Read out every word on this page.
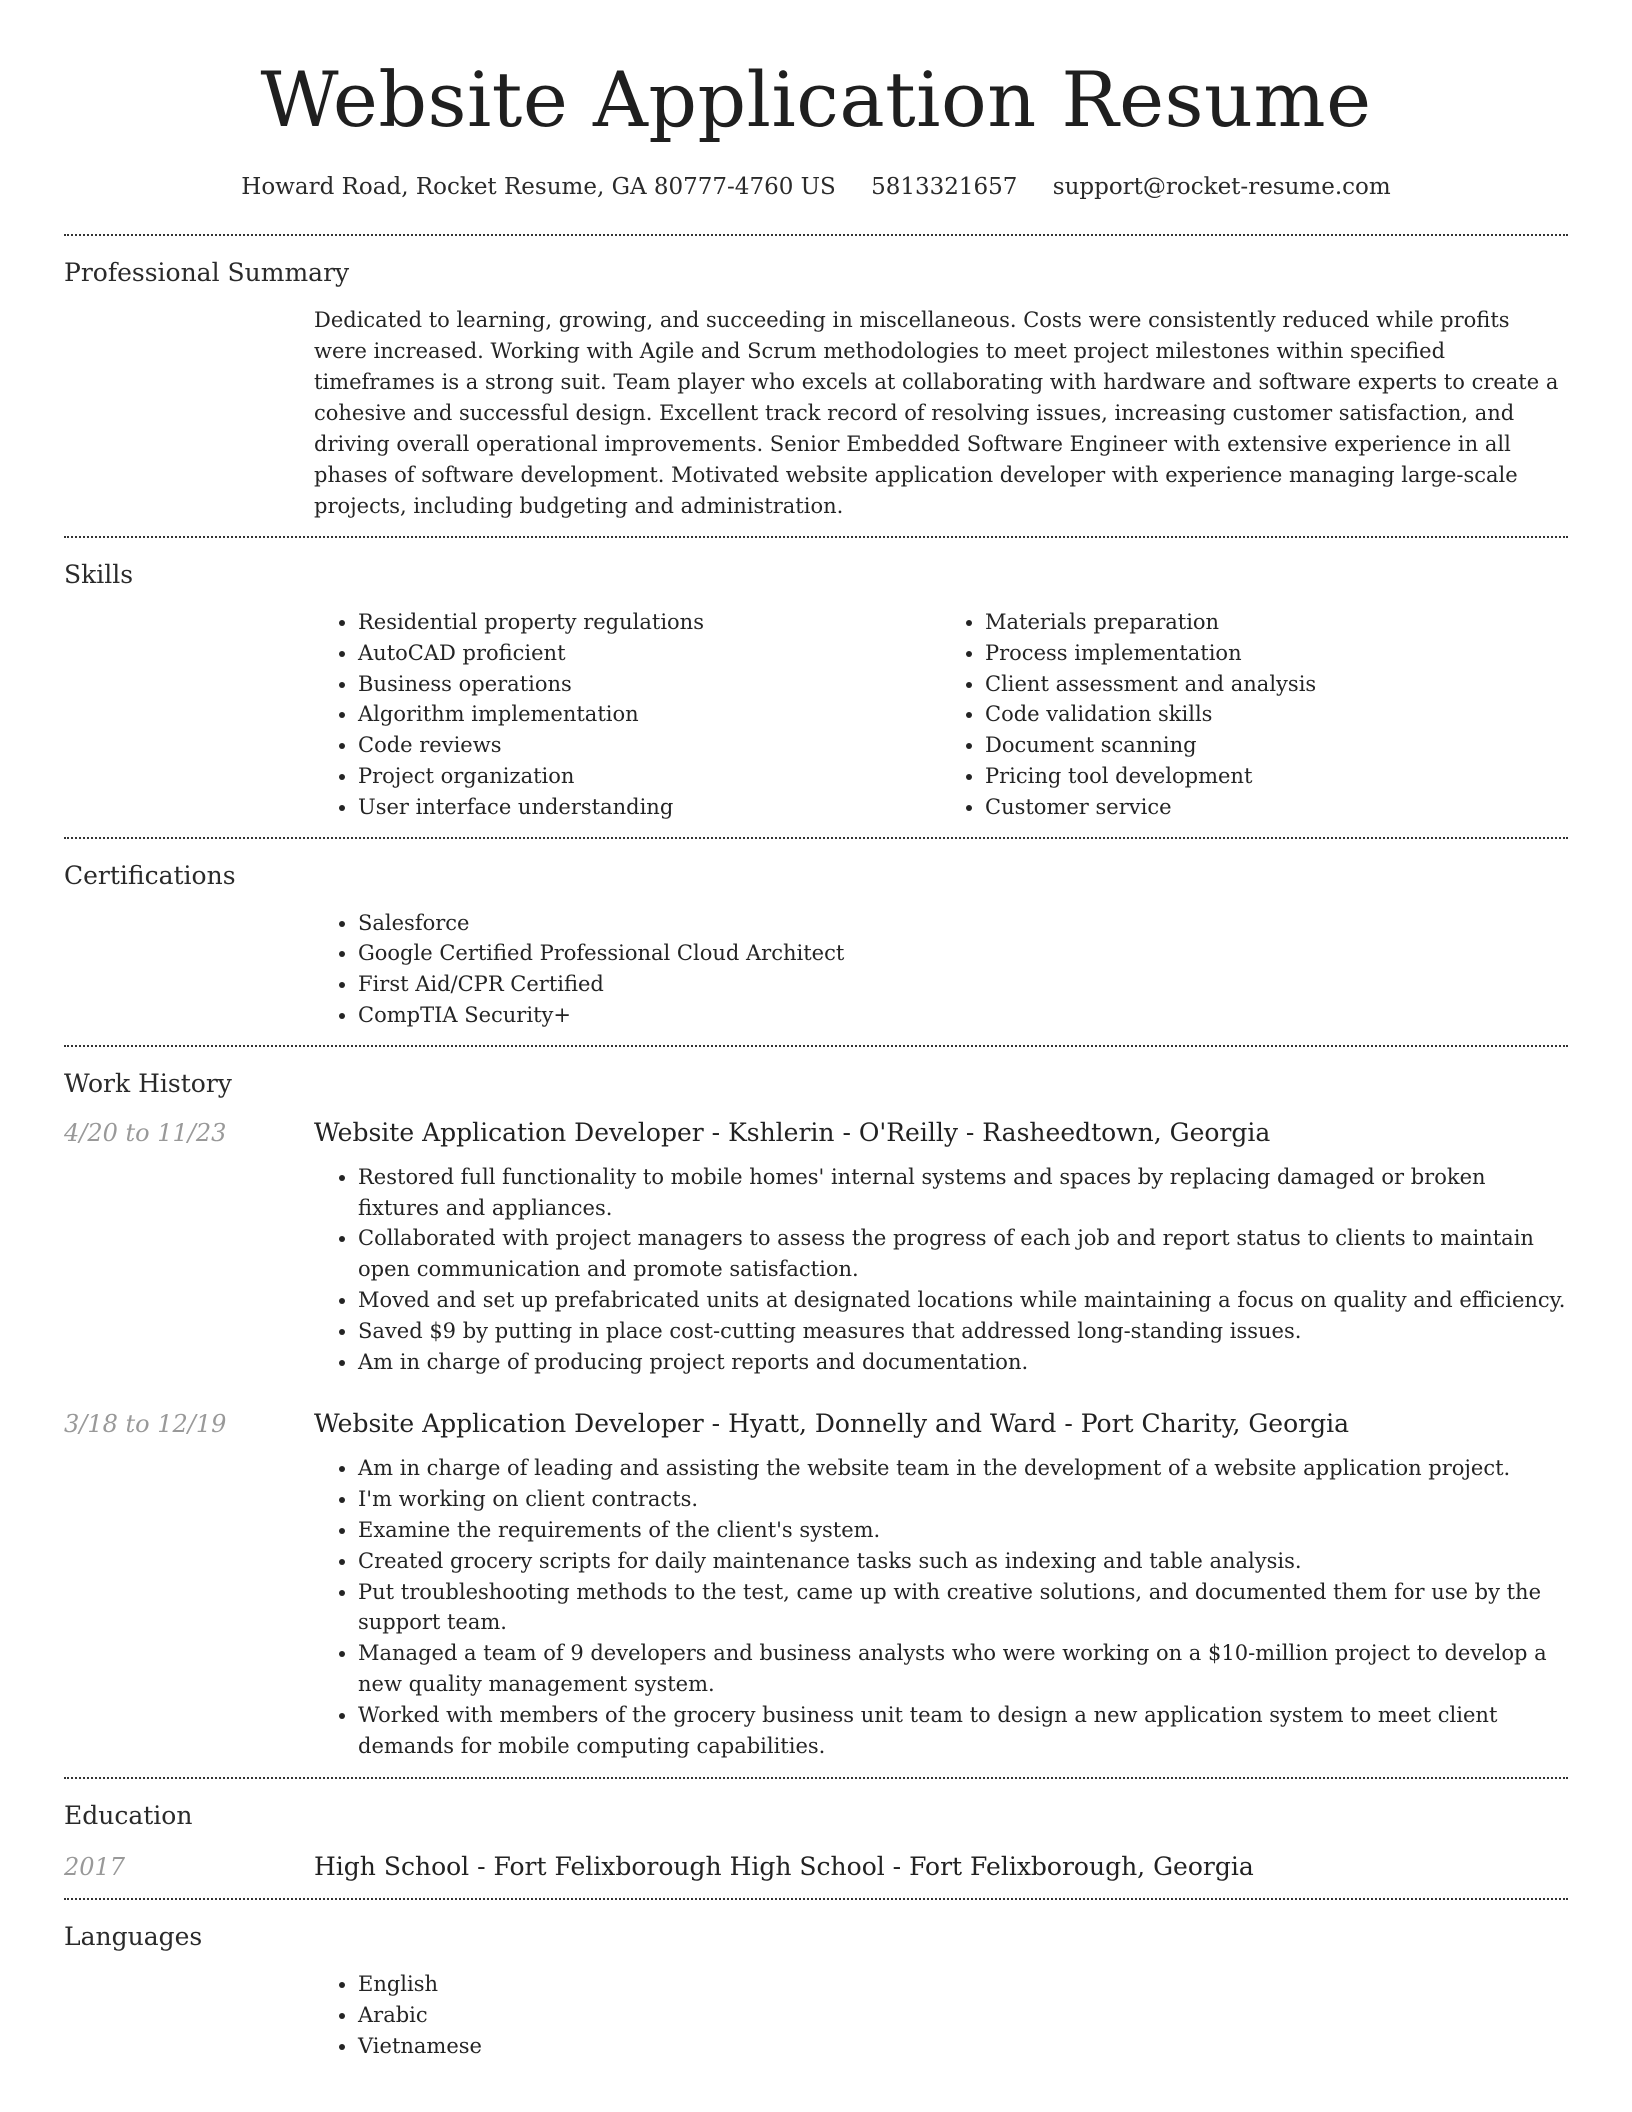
Website Application Resume
Howard Road, Rocket Resume, GA 80777-4760 US 5813321657 support@rocket-resume.com
Professional Summary
Dedicated to learning, growing, and succeeding in miscellaneous. Costs were consistently reduced while profits were increased. Working with Agile and Scrum methodologies to meet project milestones within specified timeframes is a strong suit. Team player who excels at collaborating with hardware and software experts to create a cohesive and successful design. Excellent track record of resolving issues, increasing customer satisfaction, and driving overall operational improvements. Senior Embedded Software Engineer with extensive experience in all phases of software development. Motivated website application developer with experience managing large-scale projects, including budgeting and administration.
Skills
• Residential property regulations
• AutoCAD proficient
• Business operations
• Algorithm implementation
• Code reviews
• Project organization
• User interface understanding
• Materials preparation
• Process implementation
• Client assessment and analysis
• Code validation skills
• Document scanning
• Pricing tool development
• Customer service
Certifications
• Salesforce
• Google Certified Professional Cloud Architect
• First Aid/CPR Certified
• CompTIA Security+
Work History
4/20 to 11/23	Website Application Developer - Kshlerin - O'Reilly - Rasheedtown, Georgia
• Restored full functionality to mobile homes' internal systems and spaces by replacing damaged or broken fixtures and appliances.
• Collaborated with project managers to assess the progress of each job and report status to clients to maintain open communication and promote satisfaction.
• Moved and set up prefabricated units at designated locations while maintaining a focus on quality and efficiency.
• Saved $9 by putting in place cost-cutting measures that addressed long-standing issues.
• Am in charge of producing project reports and documentation.
3/18 to 12/19	Website Application Developer - Hyatt, Donnelly and Ward - Port Charity, Georgia
• Am in charge of leading and assisting the website team in the development of a website application project.
• I'm working on client contracts.
• Examine the requirements of the client's system.
• Created grocery scripts for daily maintenance tasks such as indexing and table analysis.
• Put troubleshooting methods to the test, came up with creative solutions, and documented them for use by the support team.
• Managed a team of 9 developers and business analysts who were working on a $10-million project to develop a new quality management system.
• Worked with members of the grocery business unit team to design a new application system to meet client demands for mobile computing capabilities.
Education
2017	High School - Fort Felixborough High School - Fort Felixborough, Georgia
Languages
• English
• Arabic
• Vietnamese
